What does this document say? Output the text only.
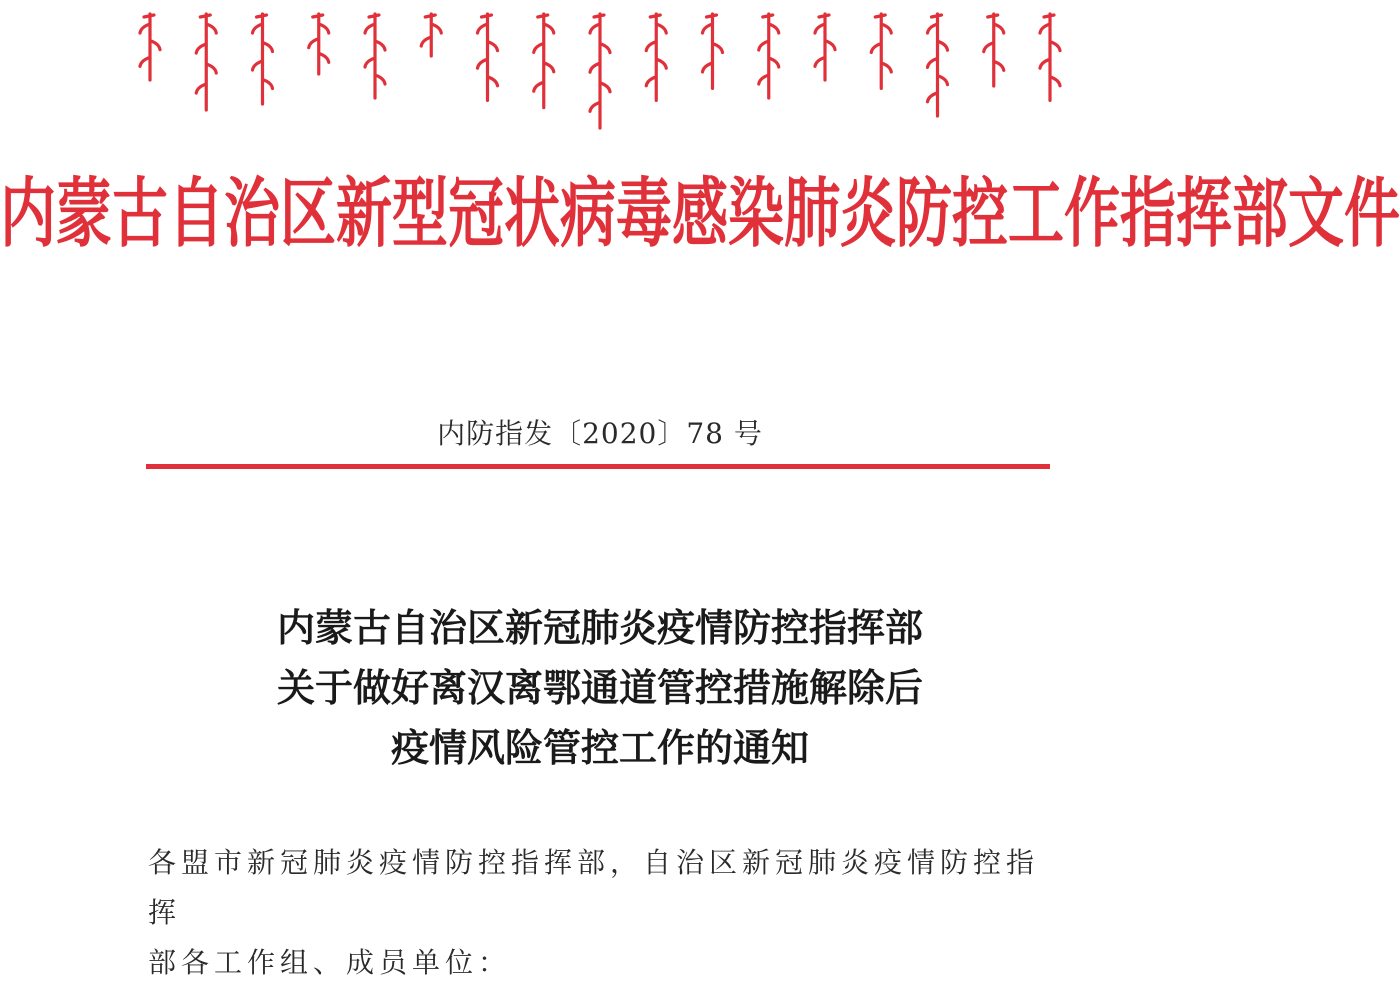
内蒙古自治区新型冠状病毒感染肺炎防控工作指挥部文件
内防指发〔2020〕78 号
内蒙古自治区新冠肺炎疫情防控指挥部
关于做好离汉离鄂通道管控措施解除后
疫情风险管控工作的通知
各盟市新冠肺炎疫情防控指挥部，自治区新冠肺炎疫情防控指挥
部各工作组、成员单位：
